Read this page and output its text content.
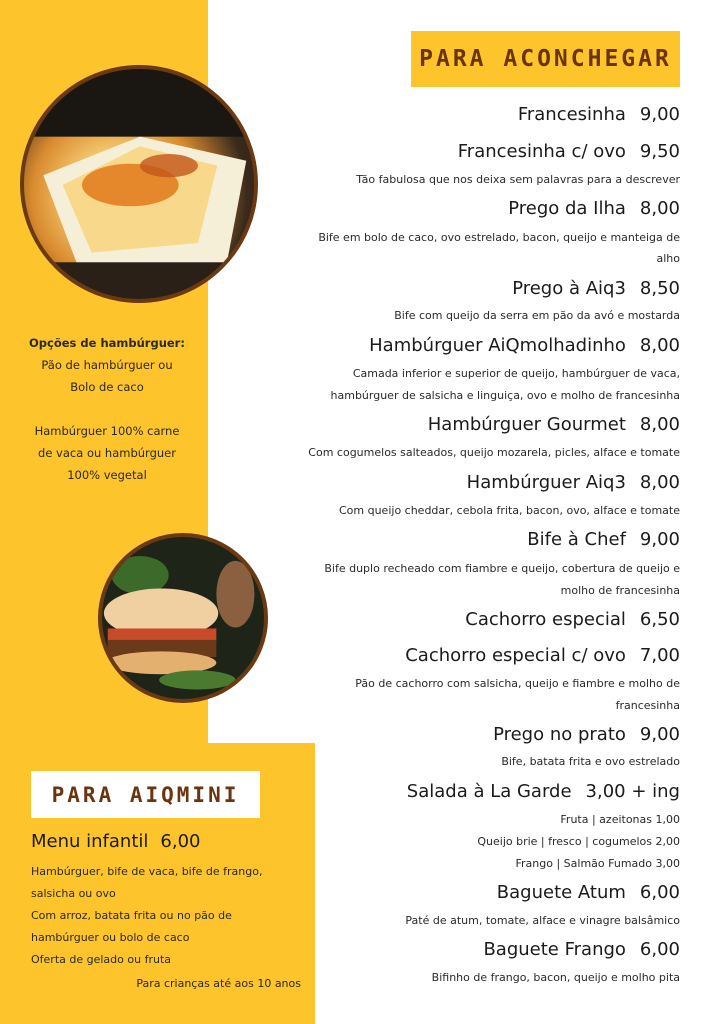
PARA ACONCHEGAR
PARA AIQMINI
Opções de hambúrguer:
Pão de hambúrguer ou
Bolo de caco
Hambúrguer 100% carne
de vaca ou hambúrguer
100% vegetal
Francesinha 9,00
Francesinha c/ ovo 9,50
Tão fabulosa que nos deixa sem palavras para a descrever
Prego da Ilha 8,00
Bife em bolo de caco, ovo estrelado, bacon, queijo e manteiga de
alho
Prego à Aiq3 8,50
Bife com queijo da serra em pão da avó e mostarda
Hambúrguer AiQmolhadinho 8,00
Camada inferior e superior de queijo, hambúrguer de vaca,
hambúrguer de salsicha e linguiça, ovo e molho de francesinha
Hambúrguer Gourmet 8,00
Com cogumelos salteados, queijo mozarela, picles, alface e tomate
Hambúrguer Aiq3 8,00
Com queijo cheddar, cebola frita, bacon, ovo, alface e tomate
Bife à Chef 9,00
Bife duplo recheado com fiambre e queijo, cobertura de queijo e
molho de francesinha
Cachorro especial 6,50
Cachorro especial c/ ovo 7,00
Pão de cachorro com salsicha, queijo e fiambre e molho de
francesinha
Prego no prato 9,00
Bife, batata frita e ovo estrelado
Salada à La Garde 3,00 + ing
Fruta | azeitonas 1,00
Queijo brie | fresco | cogumelos 2,00
Frango | Salmão Fumado 3,00
Baguete Atum 6,00
Paté de atum, tomate, alface e vinagre balsâmico
Baguete Frango 6,00
Bifinho de frango, bacon, queijo e molho pita
Menu infantil 6,00
Hambúrguer, bife de vaca, bife de frango,
salsicha ou ovo
Com arroz, batata frita ou no pão de
hambúrguer ou bolo de caco
Oferta de gelado ou fruta
Para crianças até aos 10 anos
